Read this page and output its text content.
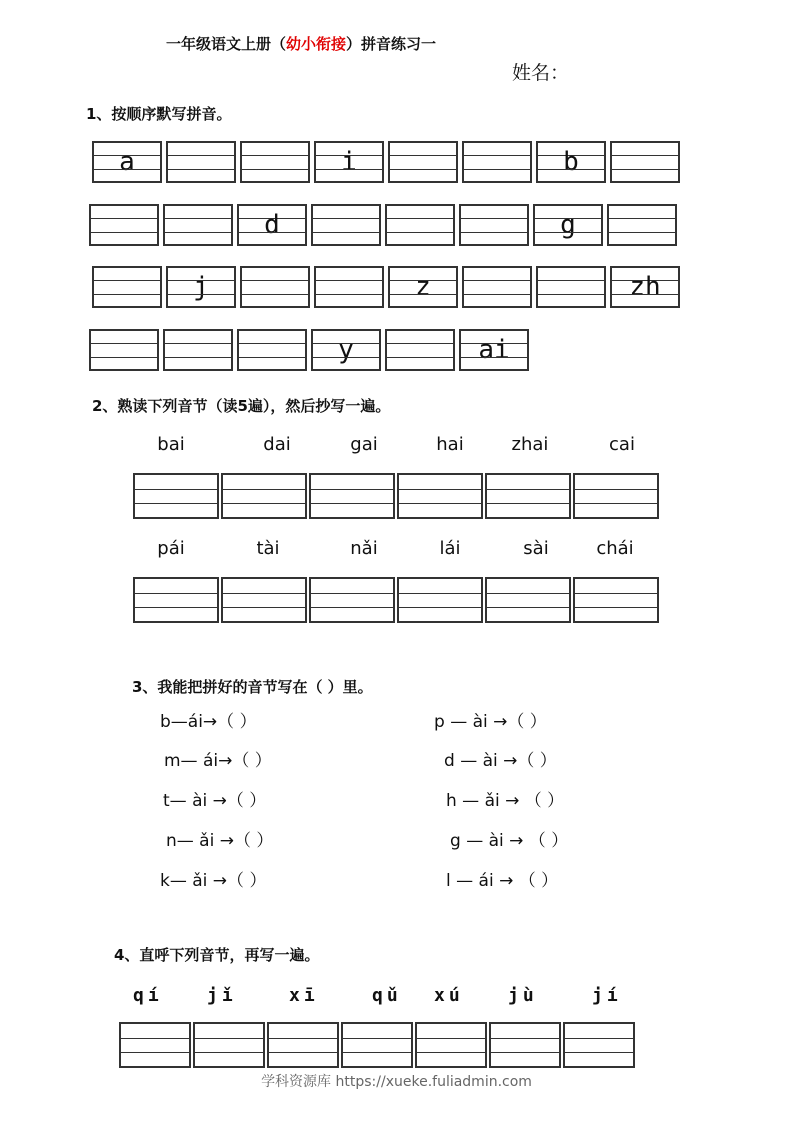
一年级语文上册（幼小衔接）拼音练习一
姓名：
1、按顺序默写拼音。
a	i	b
d	g
j	z	zh
y	ai
2、熟读下列音节（读5遍），然后抄写一遍。
bai	dai	gai	hai	zhai	cai
pái	tài	nǎi	lái	sài	chái
3、我能把拼好的音节写在（ ）里。
b—ái→（ ）
m— ái→（ ）
t— ài →（ ）
n— ǎi →（ ）
k— ǎi →（ ）
p — ài →（ ）
d — ài →（ ）
h — ǎi → （ ）
g — ài → （ ）
l — ái → （ ）
4、直呼下列音节，再写一遍。
qí jǐ	xī	qǔ xú jù	jí
学科资源库 https://xueke.fuliadmin.com
